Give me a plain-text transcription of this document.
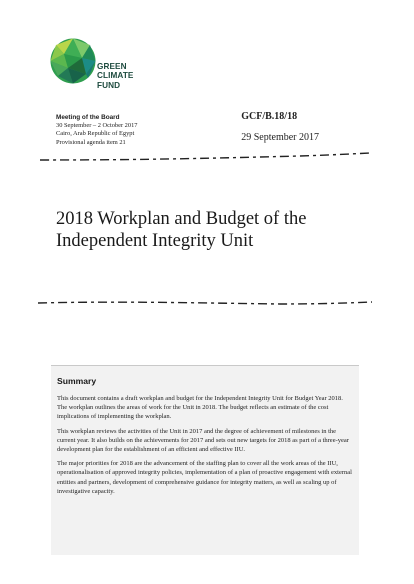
GREEN
CLIMATE
FUND
Meeting of the Board
30 September – 2 October 2017
Cairo, Arab Republic of Egypt
Provisional agenda item 21
GCF/B.18/18
29 September 2017
2018 Workplan and Budget of the
Independent Integrity Unit
Summary

This document contains a draft workplan and budget for the Independent Integrity Unit for Budget Year 2018. The workplan outlines the areas of work for the Unit in 2018. The budget reflects an estimate of the cost implications of implementing the workplan.

This workplan reviews the activities of the Unit in 2017 and the degree of achievement of milestones in the current year. It also builds on the achievements for 2017 and sets out new targets for 2018 as part of a three-year development plan for the establishment of an efficient and effective IIU.

The major priorities for 2018 are the advancement of the staffing plan to cover all the work areas of the IIU, operationalisation of approved integrity policies, implementation of a plan of proactive engagement with external entities and partners, development of comprehensive guidance for integrity matters, as well as scaling up of investigative capacity.
